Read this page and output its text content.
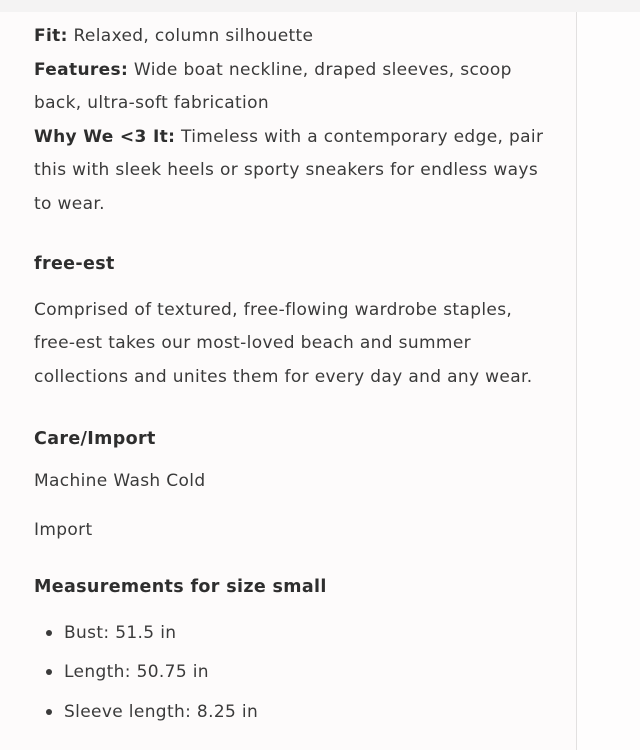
Fit: Relaxed, column silhouette

Features: Wide boat neckline, draped sleeves, scoop back, ultra-soft fabrication

Why We <3 It: Timeless with a contemporary edge, pair this with sleek heels or sporty sneakers for endless ways to wear.

free-est

Comprised of textured, free-flowing wardrobe staples, free-est takes our most-loved beach and summer collections and unites them for every day and any wear.

Care/Import

Machine Wash Cold

Import

Measurements for size small
Bust: 51.5 in
Length: 50.75 in
Sleeve length: 8.25 in
